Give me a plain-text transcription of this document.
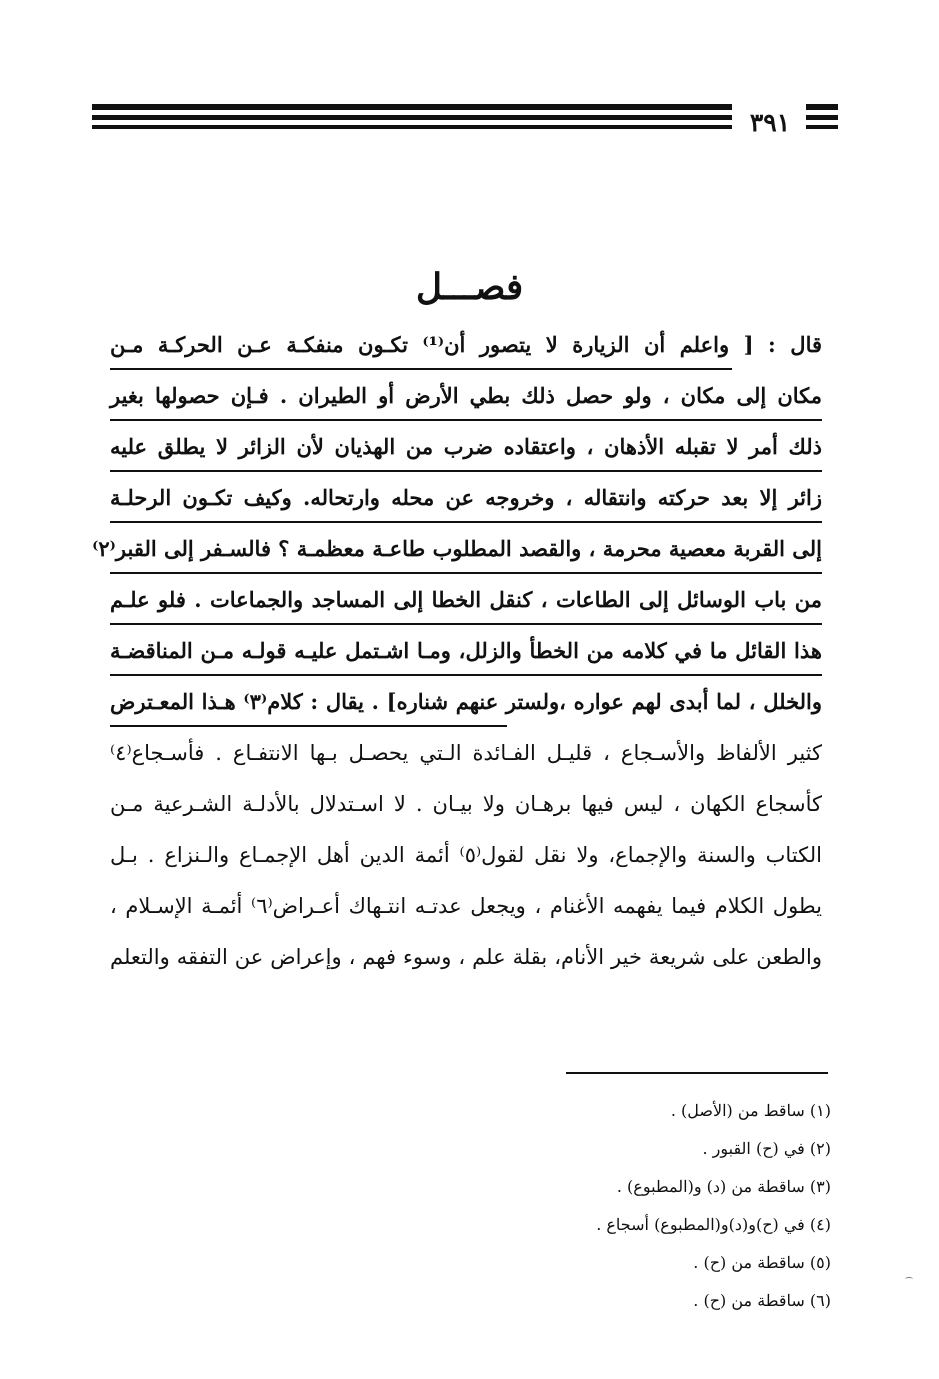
٣٩١
فصـــل
قال : [ واعلم أن الزيارة لا يتصور أن⁽¹⁾ تكـون منفكـة عـن الحركـة مـن
مكان إلى مكان ، ولو حصل ذلك بطي الأرض أو الطيران . فـإن حصولها بغير
ذلك أمر لا تقبله الأذهان ، واعتقاده ضرب من الهذيان لأن الزائر لا يطلق عليه
زائر إلا بعد حركته وانتقاله ، وخروجه عن محله وارتحاله. وكيف تكـون الرحلـة
إلى القربة معصية محرمة ، والقصد المطلوب طاعـة معظمـة ؟ فالسـفر إلى القبر⁽٢⁾
من باب الوسائل إلى الطاعات ، كنقل الخطا إلى المساجد والجماعات . فلو علـم
هذا القائل ما في كلامه من الخطأ والزلل، ومـا اشـتمل عليـه قولـه مـن المناقضـة
والخلل ، لما أبدى لهم عواره ،ولستر عنهم شناره] . يقال : كلام⁽٣⁾ هـذا المعـترض
كثير الألفاظ والأسـجاع ، قليـل الفـائدة الـتي يحصـل بـها الانتفـاع . فأسـجاع⁽٤⁾
كأسجاع الكهان ، ليس فيها برهـان ولا بيـان . لا اسـتدلال بالأدلـة الشـرعية مـن
الكتاب والسنة والإجماع، ولا نقل لقول⁽٥⁾ أئمة الدين أهل الإجمـاع والـنزاع . بـل
يطول الكلام فيما يفهمه الأغنام ، ويجعل عدتـه انتـهاك أعـراض⁽٦⁾ أئمـة الإسـلام ،
والطعن على شريعة خير الأنام، بقلة علم ، وسوء فهم ، وإعراض عن التفقه والتعلم
(١) ساقط من (الأصل) .
(٢) في (ح) القبور .
(٣) ساقطة من (د) و(المطبوع) .
(٤) في (ح)و(د)و(المطبوع) أسجاع .
(٥) ساقطة من (ح) .
(٦) ساقطة من (ح) .
